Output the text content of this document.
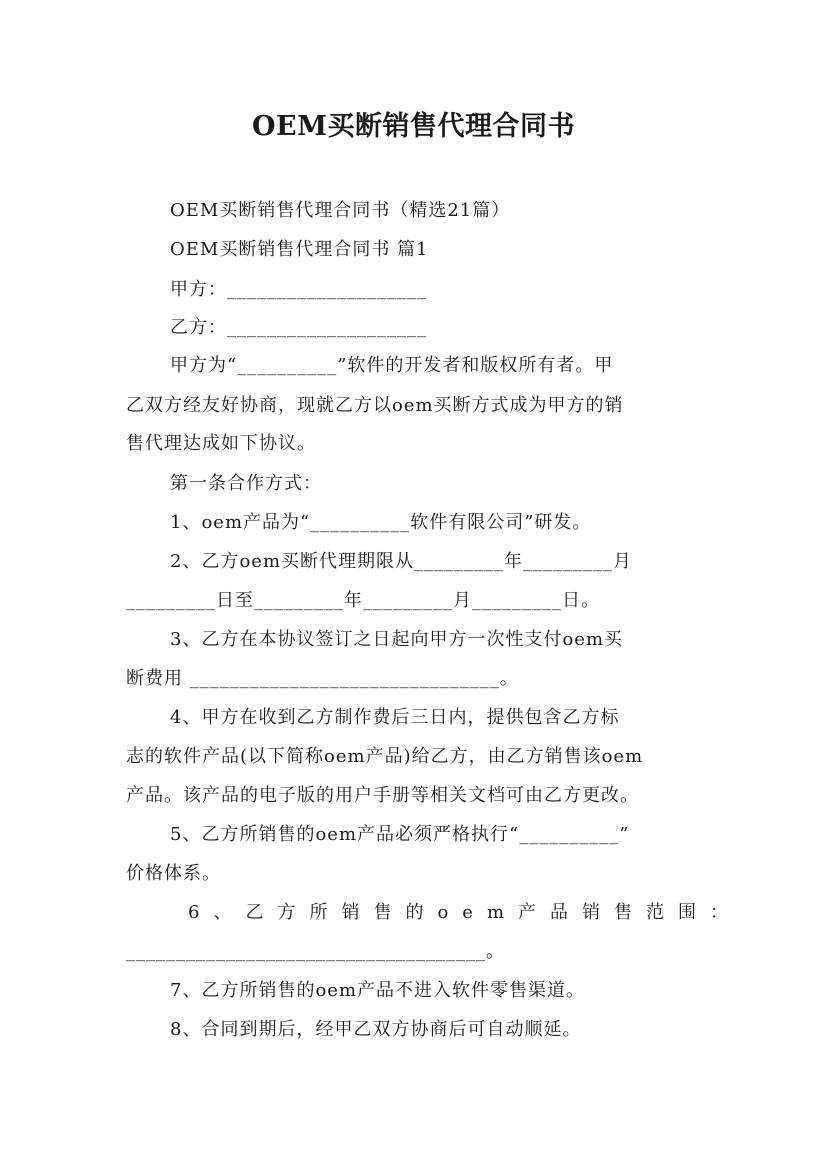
OEM买断销售代理合同书
OEM买断销售代理合同书（精选21篇）
OEM买断销售代理合同书 篇1
甲方：____________________
乙方：____________________
甲方为“__________”软件的开发者和版权所有者。甲
乙双方经友好协商，现就乙方以oem买断方式成为甲方的销
售代理达成如下协议。
第一条合作方式：
1、oem产品为“__________软件有限公司”研发。
2、乙方oem买断代理期限从_________年_________月
_________日至_________年_________月_________日。
3、乙方在本协议签订之日起向甲方一次性支付oem买
断费用 _______________________________。
4、甲方在收到乙方制作费后三日内，提供包含乙方标
志的软件产品(以下简称oem产品)给乙方，由乙方销售该oem
产品。该产品的电子版的用户手册等相关文档可由乙方更改。
5、乙方所销售的oem产品必须严格执行“__________”
价格体系。
6、乙方所销售的oem产品销售范围：
____________________________________。
7、乙方所销售的oem产品不进入软件零售渠道。
8、合同到期后，经甲乙双方协商后可自动顺延。
